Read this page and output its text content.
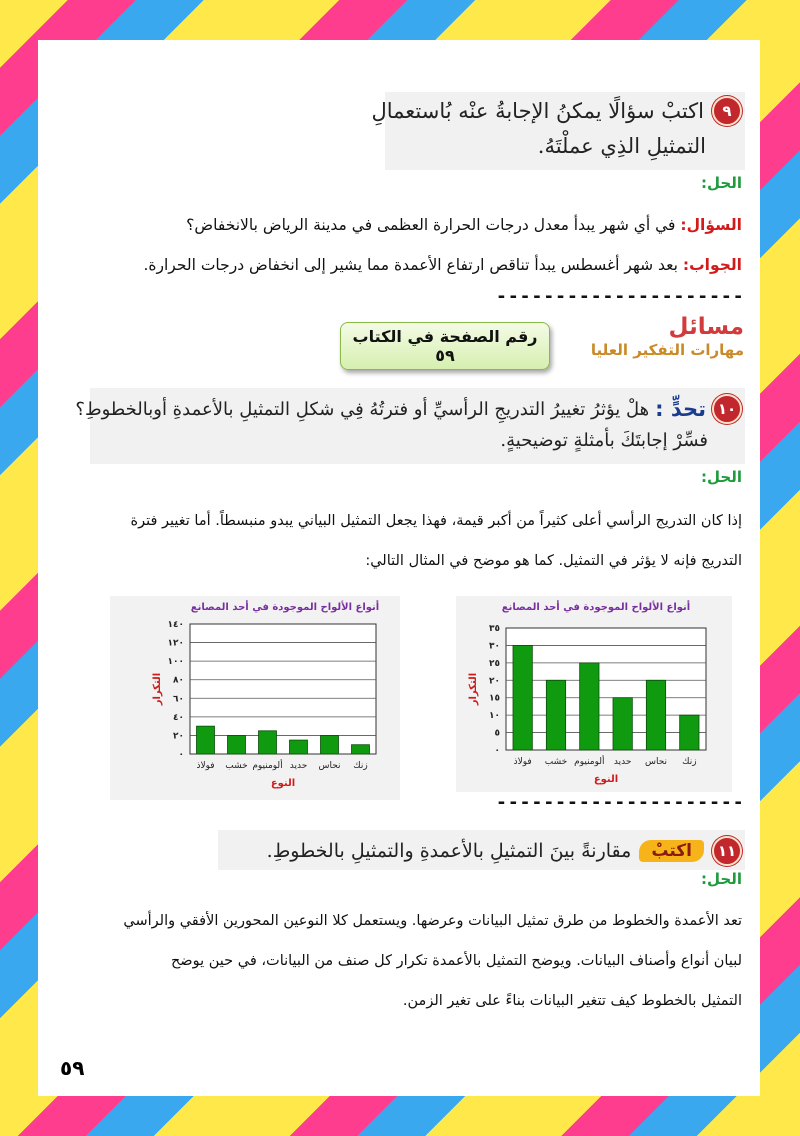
٩
اكتبْ سؤالًا يمكنُ الإجابةُ عنْه بُاستعمالِ
التمثيلِ الذِي عملْتَهُ.
الحل:
السؤال: في أي شهر يبدأ معدل درجات الحرارة العظمى في مدينة الرياض بالانخفاض؟
الجواب: بعد شهر أغسطس يبدأ تناقص ارتفاع الأعمدة مما يشير إلى انخفاض درجات الحرارة.
---------------------
مسائل
مهارات التفكير العليا
رقم الصفحة في الكتاب
٥٩
١٠
تحدٍّ :
هلْ يؤثرُ تغييرُ التدريجِ الرأسيِّ أو فترتُهُ فِي شكلِ التمثيلِ بالأعمدةِ أوبالخطوطِ؟
فسِّرْ إجابتَكَ بأمثلةٍ توضيحيةٍ.
الحل:
إذا كان التدريج الرأسي أعلى كثيراً من أكبر قيمة، فهذا يجعل التمثيل البياني يبدو منبسطاً. أما تغيير فترة
التدريج فإنه لا يؤثر في التمثيل. كما هو موضح في المثال التالي:
أنواع الألواح الموجودة في أحد المصانع
٠
٥
١٠
١٥
٢٠
٢٥
٣٠
٣٥
فولاذ خشب ألومنيوم حديد نحاس زنك
النوع
التكرار
أنواع الألواح الموجودة في أحد المصانع
٠
٢٠
٤٠
٦٠
٨٠
١٠٠
١٢٠
١٤٠
فولاذ خشب ألومنيوم حديد نحاس زنك
النوع
التكرار
---------------------
١١
اكتبْ
مقارنةً بينَ التمثيلِ بالأعمدةِ والتمثيلِ بالخطوطِ.
الحل:
تعد الأعمدة والخطوط من طرق تمثيل البيانات وعرضها. ويستعمل كلا النوعين المحورين الأفقي والرأسي
لبيان أنواع وأصناف البيانات. ويوضح التمثيل بالأعمدة تكرار كل صنف من البيانات، في حين يوضح
التمثيل بالخطوط كيف تتغير البيانات بناءً على تغير الزمن.
٥٩
